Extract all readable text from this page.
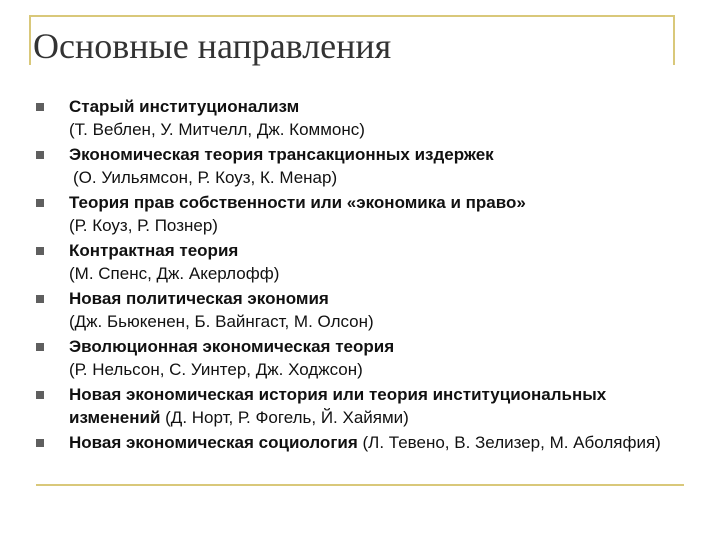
Основные направления
Старый институционализм
(Т. Веблен, У. Митчелл, Дж. Коммонс)
Экономическая теория трансакционных издержек
(О. Уильямсон, Р. Коуз, К. Менар)
Теория прав собственности или «экономика и право»
(Р. Коуз, Р. Познер)
Контрактная теория
(М. Спенс, Дж. Акерлофф)
Новая политическая экономия
(Дж. Бьюкенен, Б. Вайнгаст, М. Олсон)
Эволюционная экономическая теория
(Р. Нельсон, С. Уинтер, Дж. Ходжсон)
Новая экономическая история или теория институциональных изменений (Д. Норт, Р. Фогель, Й. Хайями)
Новая экономическая социология (Л. Тевено, В. Зелизер, М. Аболяфия)
